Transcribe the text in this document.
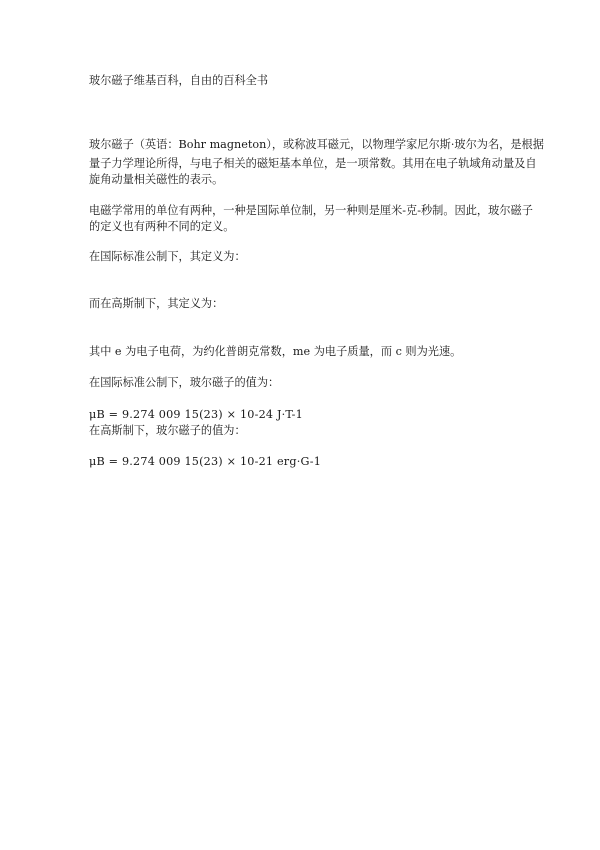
玻尔磁子维基百科，自由的百科全书
玻尔磁子（英语：Bohr magneton），或称波耳磁元，以物理学家尼尔斯·玻尔为名，是根据
量子力学理论所得，与电子相关的磁矩基本单位，是一项常数。其用在电子轨域角动量及自
旋角动量相关磁性的表示。
电磁学常用的单位有两种，一种是国际单位制，另一种则是厘米-克-秒制。因此，玻尔磁子
的定义也有两种不同的定义。
在国际标准公制下，其定义为：
而在高斯制下，其定义为：
其中 e 为电子电荷，为约化普朗克常数，me 为电子质量，而 c 则为光速。
在国际标准公制下，玻尔磁子的值为：
μB = 9.274 009 15(23) × 10-24 J·T-1
在高斯制下，玻尔磁子的值为：
μB = 9.274 009 15(23) × 10-21 erg·G-1
